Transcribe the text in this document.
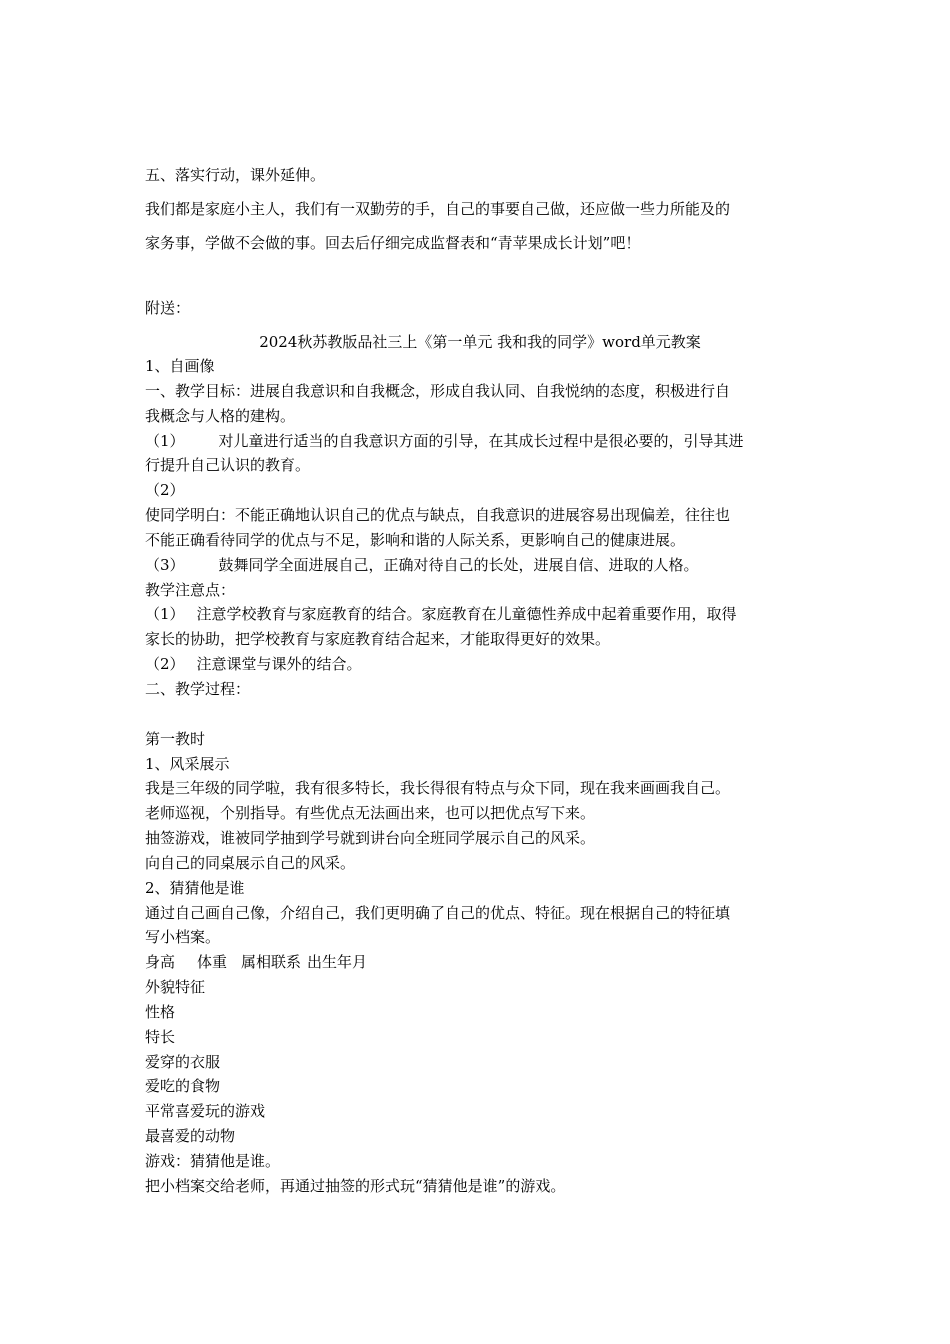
五、落实行动，课外延伸。
我们都是家庭小主人，我们有一双勤劳的手，自己的事要自己做，还应做一些力所能及的
家务事，学做不会做的事。回去后仔细完成监督表和“青苹果成长计划”吧！
附送：
2024秋苏教版品社三上《第一单元 我和我的同学》word单元教案
1、自画像
一、教学目标：进展自我意识和自我概念，形成自我认同、自我悦纳的态度，积极进行自
我概念与人格的建构。
（1） 对儿童进行适当的自我意识方面的引导，在其成长过程中是很必要的，引导其进
行提升自己认识的教育。
（2）
使同学明白：不能正确地认识自己的优点与缺点，自我意识的进展容易出现偏差，往往也
不能正确看待同学的优点与不足，影响和谐的人际关系，更影响自己的健康进展。
（3） 鼓舞同学全面进展自己，正确对待自己的长处，进展自信、进取的人格。
教学注意点：
（1） 注意学校教育与家庭教育的结合。家庭教育在儿童德性养成中起着重要作用，取得
家长的协助，把学校教育与家庭教育结合起来，才能取得更好的效果。
（2） 注意课堂与课外的结合。
二、教学过程：
第一教时
1、风采展示
我是三年级的同学啦，我有很多特长，我长得很有特点与众下同，现在我来画画我自己。
老师巡视，个别指导。有些优点无法画出来，也可以把优点写下来。
抽签游戏，谁被同学抽到学号就到讲台向全班同学展示自己的风采。
向自己的同桌展示自己的风采。
2、猜猜他是谁
通过自己画自己像，介绍自己，我们更明确了自己的优点、特征。现在根据自己的特征填
写小档案。
身高 体重 属相联系 出生年月
外貌特征
性格
特长
爱穿的衣服
爱吃的食物
平常喜爱玩的游戏
最喜爱的动物
游戏：猜猜他是谁。
把小档案交给老师，再通过抽签的形式玩“猜猜他是谁”的游戏。
